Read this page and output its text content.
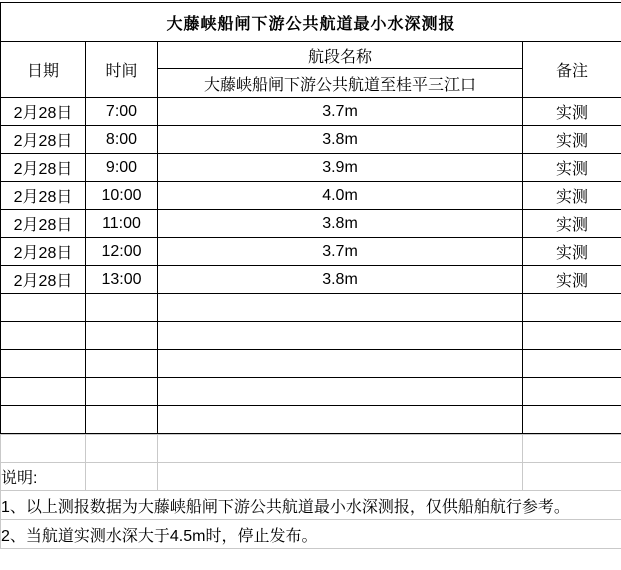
大藤峡船闸下游公共航道最小水深测报			
日期	时间	航段名称	备注
		大藤峡船闸下游公共航道至桂平三江口	
2月28日	7:00	3.7m	实测
2月28日	8:00	3.8m	实测
2月28日	9:00	3.9m	实测
2月28日	10:00	4.0m	实测
2月28日	11:00	3.8m	实测
2月28日	12:00	3.7m	实测
2月28日	13:00	3.8m	实测

说明:			
1、以上测报数据为大藤峡船闸下游公共航道最小水深测报，仅供船舶航行参考。			
2、当航道实测水深大于4.5m时，停止发布。			
